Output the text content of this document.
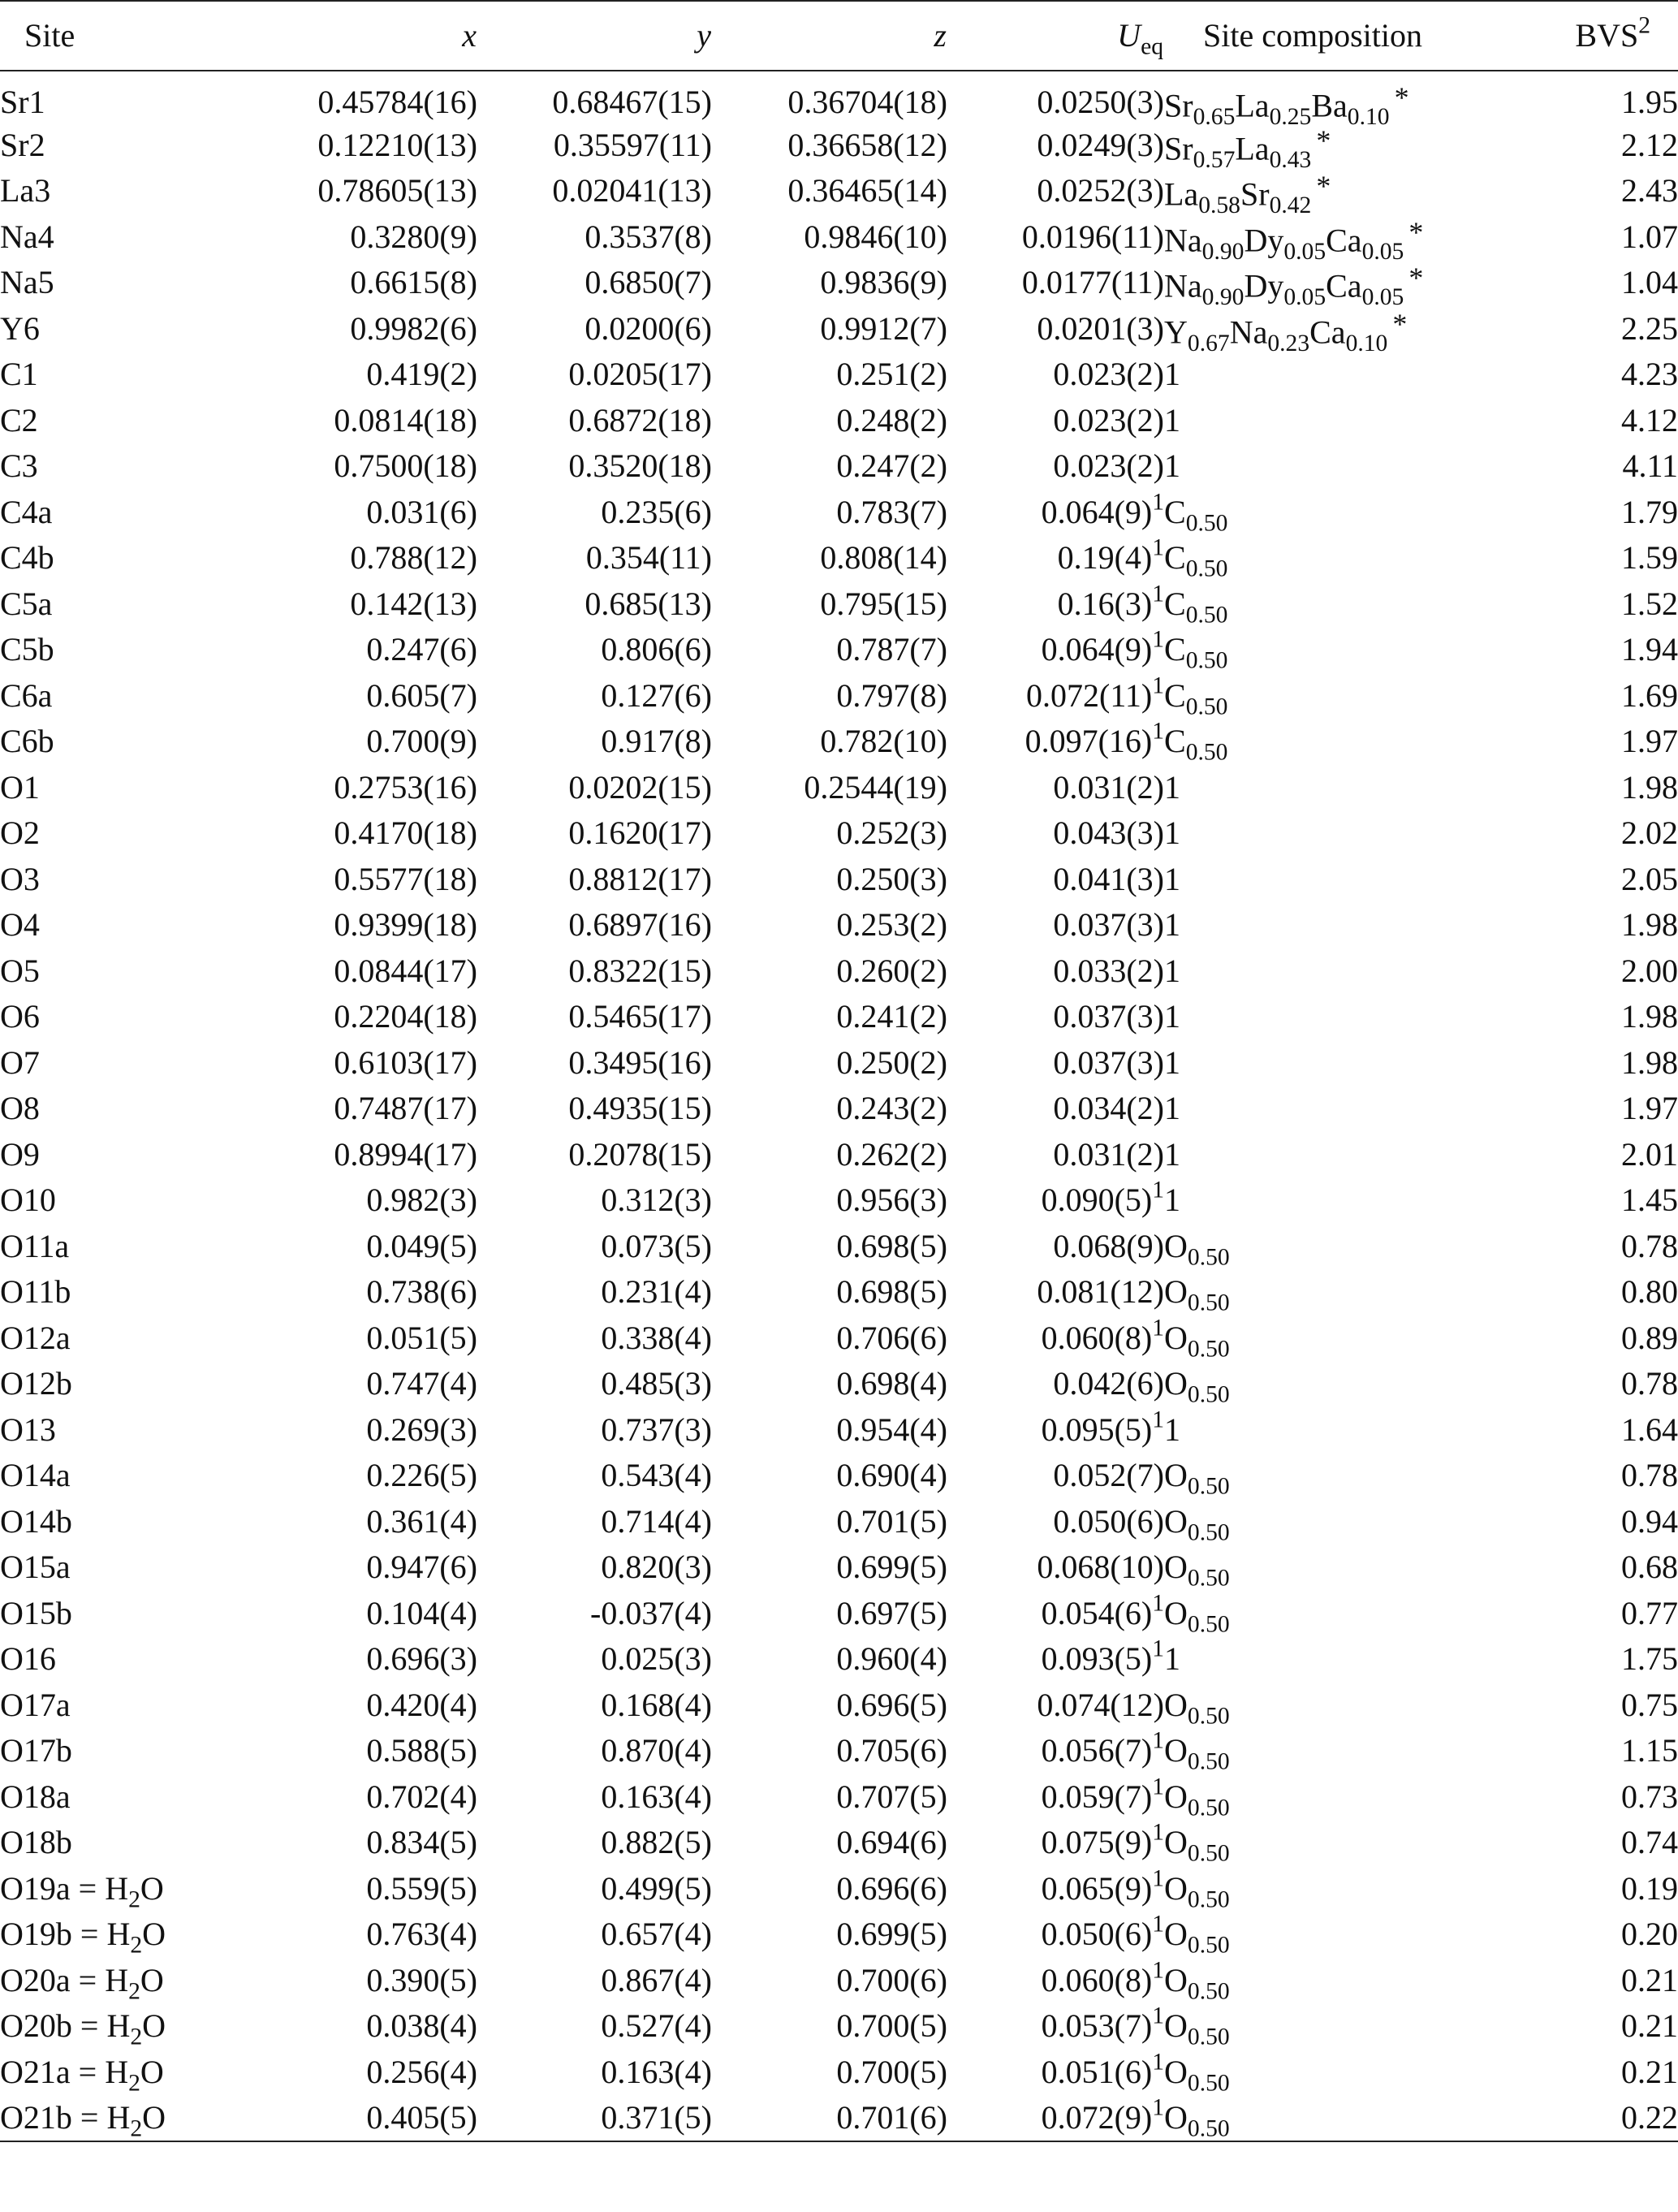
Site	x	y	z	$U_{eq}$	Site composition	BVS$^2$
Sr1	0.45784(16)	0.68467(15)	0.36704(18)	0.0250(3)	$Sr_{0.65}La_{0.25}Ba_{0.10}*$	1.95
Sr2	0.12210(13)	0.35597(11)	0.36658(12)	0.0249(3)	$Sr_{0.57}La_{0.43}*$	2.12
La3	0.78605(13)	0.02041(13)	0.36465(14)	0.0252(3)	$La_{0.58}Sr_{0.42}*$	2.43
Na4	0.3280(9)	0.3537(8)	0.9846(10)	0.0196(11)	$Na_{0.90}Dy_{0.05}Ca_{0.05}*$	1.07
Na5	0.6615(8)	0.6850(7)	0.9836(9)	0.0177(11)	$Na_{0.90}Dy_{0.05}Ca_{0.05}*$	1.04
Y6	0.9982(6)	0.0200(6)	0.9912(7)	0.0201(3)	$Y_{0.67}Na_{0.23}Ca_{0.10}*$	2.25
C1	0.419(2)	0.0205(17)	0.251(2)	0.023(2)	1	4.23
C2	0.0814(18)	0.6872(18)	0.248(2)	0.023(2)	1	4.12
C3	0.7500(18)	0.3520(18)	0.247(2)	0.023(2)	1	4.11
C4a	0.031(6)	0.235(6)	0.783(7)	$0.064(9)^1$	$C_{0.50}$	1.79
C4b	0.788(12)	0.354(11)	0.808(14)	$0.19(4)^1$	$C_{0.50}$	1.59
C5a	0.142(13)	0.685(13)	0.795(15)	$0.16(3)^1$	$C_{0.50}$	1.52
C5b	0.247(6)	0.806(6)	0.787(7)	$0.064(9)^1$	$C_{0.50}$	1.94
C6a	0.605(7)	0.127(6)	0.797(8)	$0.072(11)^1$	$C_{0.50}$	1.69
C6b	0.700(9)	0.917(8)	0.782(10)	$0.097(16)^1$	$C_{0.50}$	1.97
O1	0.2753(16)	0.0202(15)	0.2544(19)	0.031(2)	1	1.98
O2	0.4170(18)	0.1620(17)	0.252(3)	0.043(3)	1	2.02
O3	0.5577(18)	0.8812(17)	0.250(3)	0.041(3)	1	2.05
O4	0.9399(18)	0.6897(16)	0.253(2)	0.037(3)	1	1.98
O5	0.0844(17)	0.8322(15)	0.260(2)	0.033(2)	1	2.00
O6	0.2204(18)	0.5465(17)	0.241(2)	0.037(3)	1	1.98
O7	0.6103(17)	0.3495(16)	0.250(2)	0.037(3)	1	1.98
O8	0.7487(17)	0.4935(15)	0.243(2)	0.034(2)	1	1.97
O9	0.8994(17)	0.2078(15)	0.262(2)	0.031(2)	1	2.01
O10	0.982(3)	0.312(3)	0.956(3)	$0.090(5)^1$	1	1.45
O11a	0.049(5)	0.073(5)	0.698(5)	0.068(9)	$O_{0.50}$	0.78
O11b	0.738(6)	0.231(4)	0.698(5)	0.081(12)	$O_{0.50}$	0.80
O12a	0.051(5)	0.338(4)	0.706(6)	$0.060(8)^1$	$O_{0.50}$	0.89
O12b	0.747(4)	0.485(3)	0.698(4)	0.042(6)	$O_{0.50}$	0.78
O13	0.269(3)	0.737(3)	0.954(4)	$0.095(5)^1$	1	1.64
O14a	0.226(5)	0.543(4)	0.690(4)	0.052(7)	$O_{0.50}$	0.78
O14b	0.361(4)	0.714(4)	0.701(5)	0.050(6)	$O_{0.50}$	0.94
O15a	0.947(6)	0.820(3)	0.699(5)	0.068(10)	$O_{0.50}$	0.68
O15b	0.104(4)	-0.037(4)	0.697(5)	$0.054(6)^1$	$O_{0.50}$	0.77
O16	0.696(3)	0.025(3)	0.960(4)	$0.093(5)^1$	1	1.75
O17a	0.420(4)	0.168(4)	0.696(5)	0.074(12)	$O_{0.50}$	0.75
O17b	0.588(5)	0.870(4)	0.705(6)	$0.056(7)^1$	$O_{0.50}$	1.15
O18a	0.702(4)	0.163(4)	0.707(5)	$0.059(7)^1$	$O_{0.50}$	0.73
O18b	0.834(5)	0.882(5)	0.694(6)	$0.075(9)^1$	$O_{0.50}$	0.74
$O19a = H_2O$	0.559(5)	0.499(5)	0.696(6)	$0.065(9)^1$	$O_{0.50}$	0.19
$O19b = H_2O$	0.763(4)	0.657(4)	0.699(5)	$0.050(6)^1$	$O_{0.50}$	0.20
$O20a = H_2O$	0.390(5)	0.867(4)	0.700(6)	$0.060(8)^1$	$O_{0.50}$	0.21
$O20b = H_2O$	0.038(4)	0.527(4)	0.700(5)	$0.053(7)^1$	$O_{0.50}$	0.21
$O21a = H_2O$	0.256(4)	0.163(4)	0.700(5)	$0.051(6)^1$	$O_{0.50}$	0.21
$O21b = H_2O$	0.405(5)	0.371(5)	0.701(6)	$0.072(9)^1$	$O_{0.50}$	0.22
